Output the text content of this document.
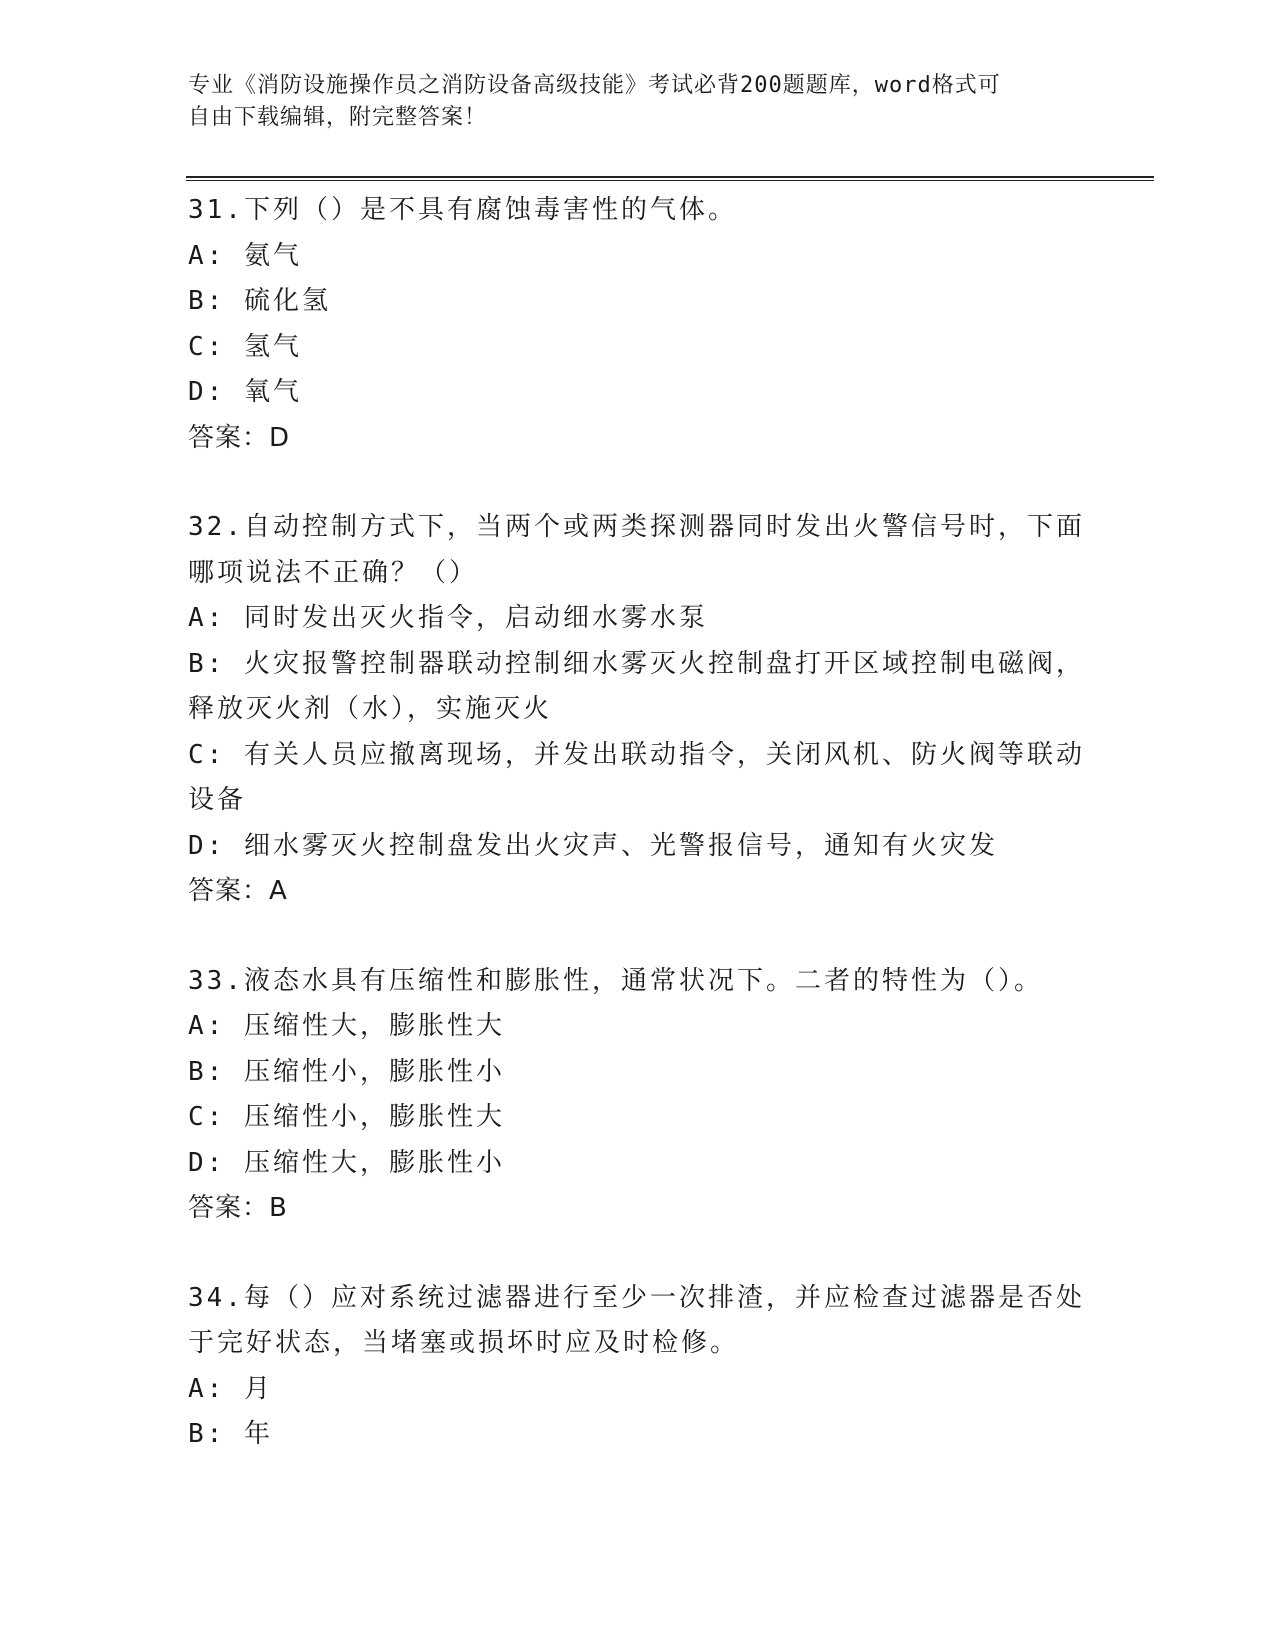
专业《消防设施操作员之消防设备高级技能》考试必背200题题库，word格式可
自由下载编辑，附完整答案！

31.下列（）是不具有腐蚀毒害性的气体。

A: 氨气

B: 硫化氢

C: 氢气

D: 氧气

答案：D

32.自动控制方式下，当两个或两类探测器同时发出火警信号时，下面

哪项说法不正确？（）

A: 同时发出灭火指令，启动细水雾水泵

B: 火灾报警控制器联动控制细水雾灭火控制盘打开区域控制电磁阀，

释放灭火剂（水），实施灭火

C: 有关人员应撤离现场，并发出联动指令，关闭风机、防火阀等联动

设备

D: 细水雾灭火控制盘发出火灾声、光警报信号，通知有火灾发

答案：A

33.液态水具有压缩性和膨胀性，通常状况下。二者的特性为（）。

A: 压缩性大，膨胀性大

B: 压缩性小，膨胀性小

C: 压缩性小，膨胀性大

D: 压缩性大，膨胀性小

答案：B

34.每（）应对系统过滤器进行至少一次排渣，并应检查过滤器是否处

于完好状态，当堵塞或损坏时应及时检修。

A: 月

B: 年
